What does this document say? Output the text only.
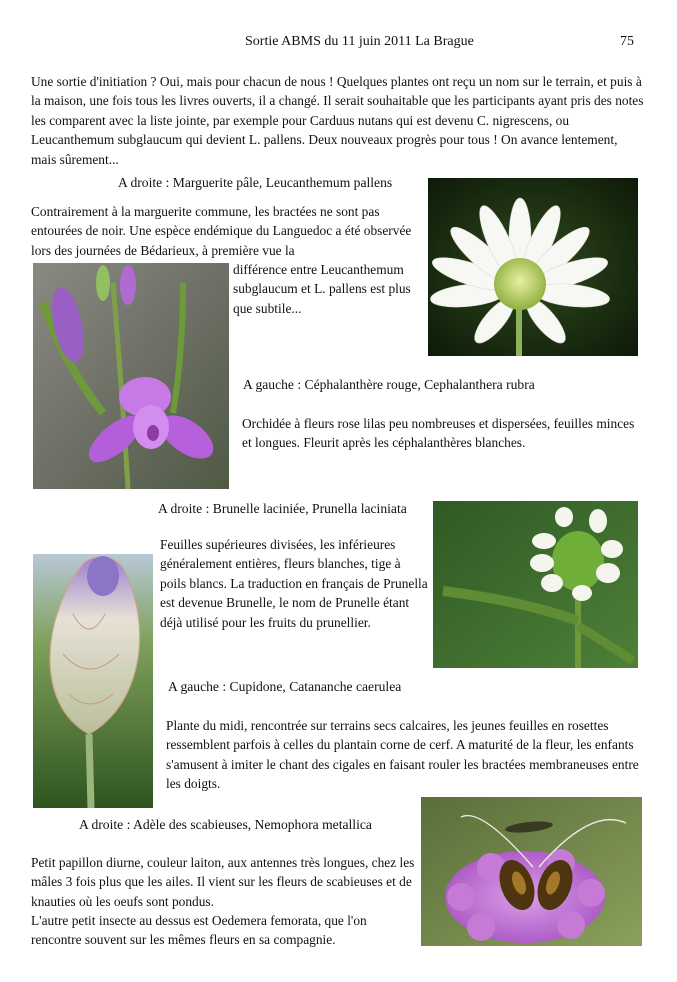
Sortie ABMS du 11 juin 2011 La Brague	75

Une sortie d'initiation ? Oui, mais pour chacun de nous ! Quelques plantes ont reçu un nom sur le terrain, et puis à la maison, une fois tous les livres ouverts, il a changé. Il serait souhaitable que les participants ayant pris des notes les comparent avec la liste jointe, par exemple pour Carduus nutans qui est devenu C. nigrescens, ou Leucanthemum subglaucum qui devient L. pallens. Deux nouveaux progrès pour tous ! On avance lentement, mais sûrement...

A droite : Marguerite pâle, Leucanthemum pallens

Contrairement à la marguerite commune, les bractées ne sont pas entourées de noir. Une espèce endémique du Languedoc a été observée lors des journées de Bédarieux, à première vue la

différence entre Leucanthemum subglaucum et L. pallens est plus que subtile...

A gauche : Céphalanthère rouge, Cephalanthera rubra

Orchidée à fleurs rose lilas peu nombreuses et dispersées, feuilles minces et longues. Fleurit après les céphalanthères blanches.

A droite : Brunelle laciniée, Prunella laciniata

Feuilles supérieures divisées, les inférieures généralement entières, fleurs blanches, tige à poils blancs. La traduction en français de Prunella est devenue Brunelle, le nom de Prunelle étant déjà utilisé pour les fruits du prunellier.

A gauche : Cupidone, Catananche caerulea

Plante du midi, rencontrée sur terrains secs calcaires, les jeunes feuilles en rosettes ressemblent parfois à celles du plantain corne de cerf. A maturité de la fleur, les enfants s'amusent à imiter le chant des cigales en faisant rouler les bractées membraneuses entre les doigts.

A droite : Adèle des scabieuses, Nemophora metallica

Petit papillon diurne, couleur laiton, aux antennes très longues, chez les mâles 3 fois plus que les ailes. Il vient sur les fleurs de scabieuses et de knauties où les oeufs sont pondus.

L'autre petit insecte au dessus est Oedemera femorata, que l'on rencontre souvent sur les mêmes fleurs en sa compagnie.
